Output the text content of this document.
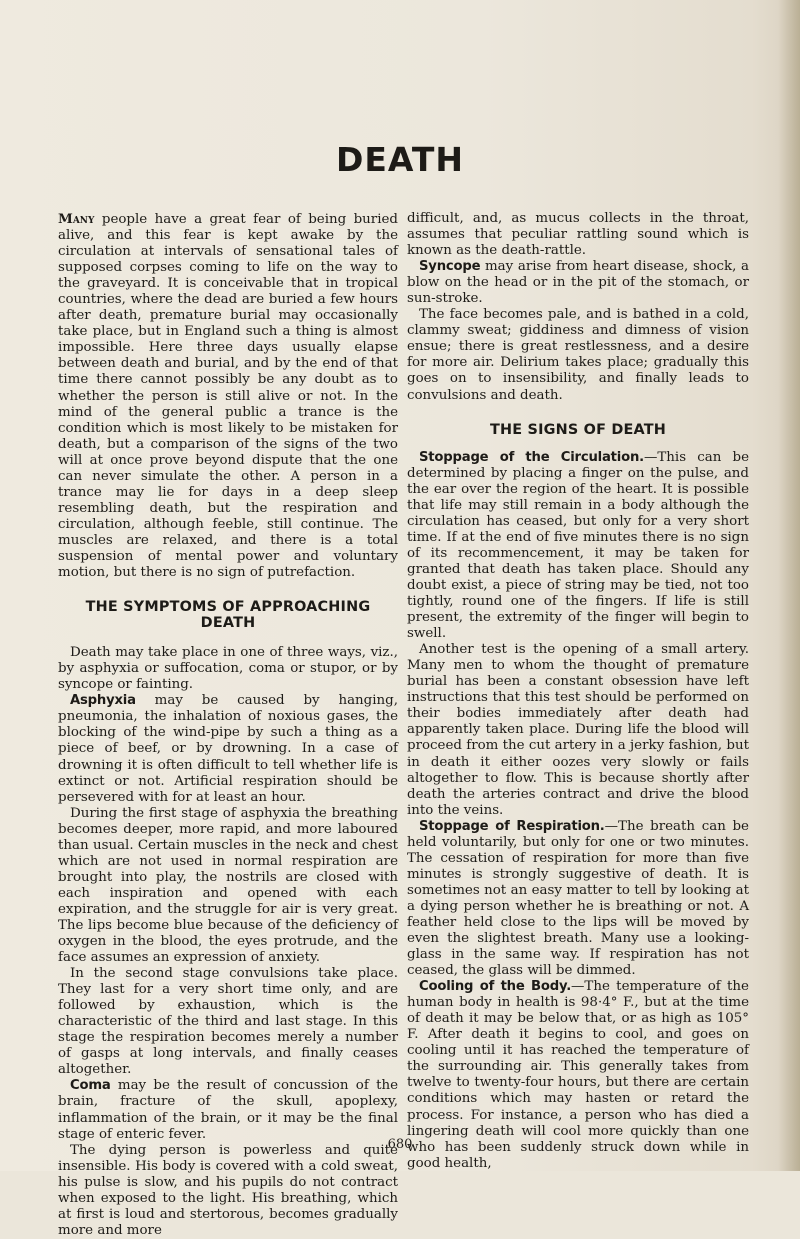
DEATH

Many people have a great fear of being buried alive, and this fear is kept awake by the circulation at intervals of sensational tales of supposed corpses coming to life on the way to the graveyard. It is conceivable that in tropical countries, where the dead are buried a few hours after death, premature burial may occasionally take place, but in England such a thing is almost impossible. Here three days usually elapse between death and burial, and by the end of that time there cannot possibly be any doubt as to whether the person is still alive or not. In the mind of the general public a trance is the condition which is most likely to be mistaken for death, but a comparison of the signs of the two will at once prove beyond dispute that the one can never simulate the other. A person in a trance may lie for days in a deep sleep resembling death, but the respiration and circulation, although feeble, still continue. The muscles are relaxed, and there is a total suspension of mental power and voluntary motion, but there is no sign of putrefaction.

THE SYMPTOMS OF APPROACHING DEATH

Death may take place in one of three ways, viz., by asphyxia or suffocation, coma or stupor, or by syncope or fainting.

Asphyxia may be caused by hanging, pneumonia, the inhalation of noxious gases, the blocking of the wind-pipe by such a thing as a piece of beef, or by drowning. In a case of drowning it is often difficult to tell whether life is extinct or not. Artificial respiration should be persevered with for at least an hour.

During the first stage of asphyxia the breathing becomes deeper, more rapid, and more laboured than usual. Certain muscles in the neck and chest which are not used in normal respiration are brought into play, the nostrils are closed with each inspiration and opened with each expiration, and the struggle for air is very great. The lips become blue because of the deficiency of oxygen in the blood, the eyes protrude, and the face assumes an expression of anxiety.

In the second stage convulsions take place. They last for a very short time only, and are followed by exhaustion, which is the characteristic of the third and last stage. In this stage the respiration becomes merely a number of gasps at long intervals, and finally ceases altogether.

Coma may be the result of concussion of the brain, fracture of the skull, apoplexy, inflammation of the brain, or it may be the final stage of enteric fever.

The dying person is powerless and quite insensible. His body is covered with a cold sweat, his pulse is slow, and his pupils do not contract when exposed to the light. His breathing, which at first is loud and stertorous, becomes gradually more and more

difficult, and, as mucus collects in the throat, assumes that peculiar rattling sound which is known as the death-rattle.

Syncope may arise from heart disease, shock, a blow on the head or in the pit of the stomach, or sun-stroke.

The face becomes pale, and is bathed in a cold, clammy sweat; giddiness and dimness of vision ensue; there is great restlessness, and a desire for more air. Delirium takes place; gradually this goes on to insensibility, and finally leads to convulsions and death.

THE SIGNS OF DEATH

Stoppage of the Circulation.—This can be determined by placing a finger on the pulse, and the ear over the region of the heart. It is possible that life may still remain in a body although the circulation has ceased, but only for a very short time. If at the end of five minutes there is no sign of its recommencement, it may be taken for granted that death has taken place. Should any doubt exist, a piece of string may be tied, not too tightly, round one of the fingers. If life is still present, the extremity of the finger will begin to swell.

Another test is the opening of a small artery. Many men to whom the thought of premature burial has been a constant obsession have left instructions that this test should be performed on their bodies immediately after death had apparently taken place. During life the blood will proceed from the cut artery in a jerky fashion, but in death it either oozes very slowly or fails altogether to flow. This is because shortly after death the arteries contract and drive the blood into the veins.

Stoppage of Respiration.—The breath can be held voluntarily, but only for one or two minutes. The cessation of respiration for more than five minutes is strongly suggestive of death. It is sometimes not an easy matter to tell by looking at a dying person whether he is breathing or not. A feather held close to the lips will be moved by even the slightest breath. Many use a looking-glass in the same way. If respiration has not ceased, the glass will be dimmed.

Cooling of the Body.—The temperature of the human body in health is 98·4° F., but at the time of death it may be below that, or as high as 105° F. After death it begins to cool, and goes on cooling until it has reached the temperature of the surrounding air. This generally takes from twelve to twenty-four hours, but there are certain conditions which may hasten or retard the process. For instance, a person who has died a lingering death will cool more quickly than one who has been suddenly struck down while in good health,

680
